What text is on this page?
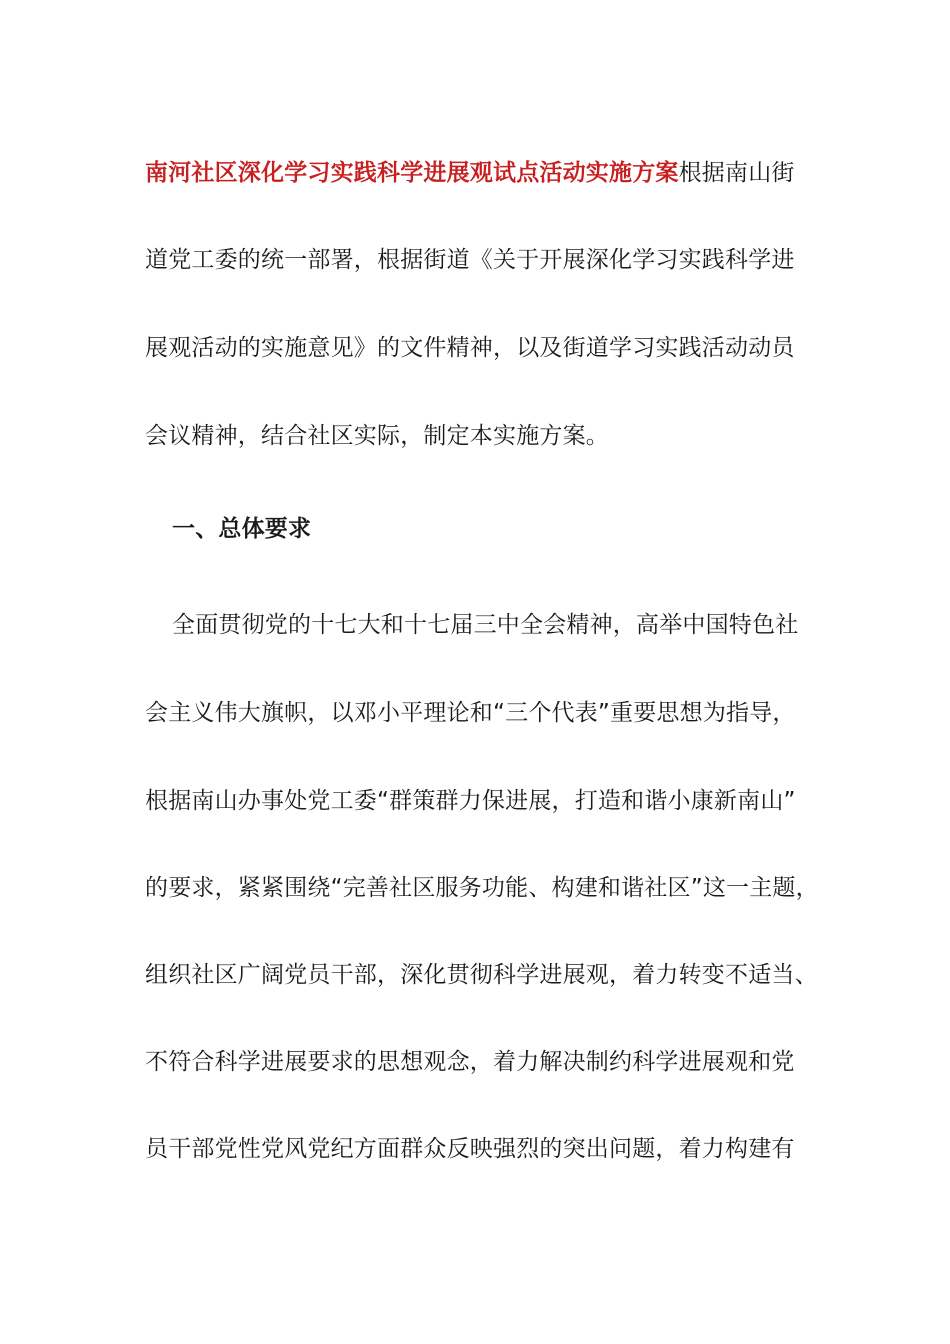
南河社区深化学习实践科学进展观试点活动实施方案根据南山街
道党工委的统一部署，根据街道《关于开展深化学习实践科学进
展观活动的实施意见》的文件精神，以及街道学习实践活动动员
会议精神，结合社区实际，制定本实施方案。
一、总体要求
全面贯彻党的十七大和十七届三中全会精神，高举中国特色社
会主义伟大旗帜，以邓小平理论和“三个代表”重要思想为指导，
根据南山办事处党工委“群策群力保进展，打造和谐小康新南山”
的要求，紧紧围绕“完善社区服务功能、构建和谐社区”这一主题，
组织社区广阔党员干部，深化贯彻科学进展观，着力转变不适当、
不符合科学进展要求的思想观念，着力解决制约科学进展观和党
员干部党性党风党纪方面群众反映强烈的突出问题，着力构建有
